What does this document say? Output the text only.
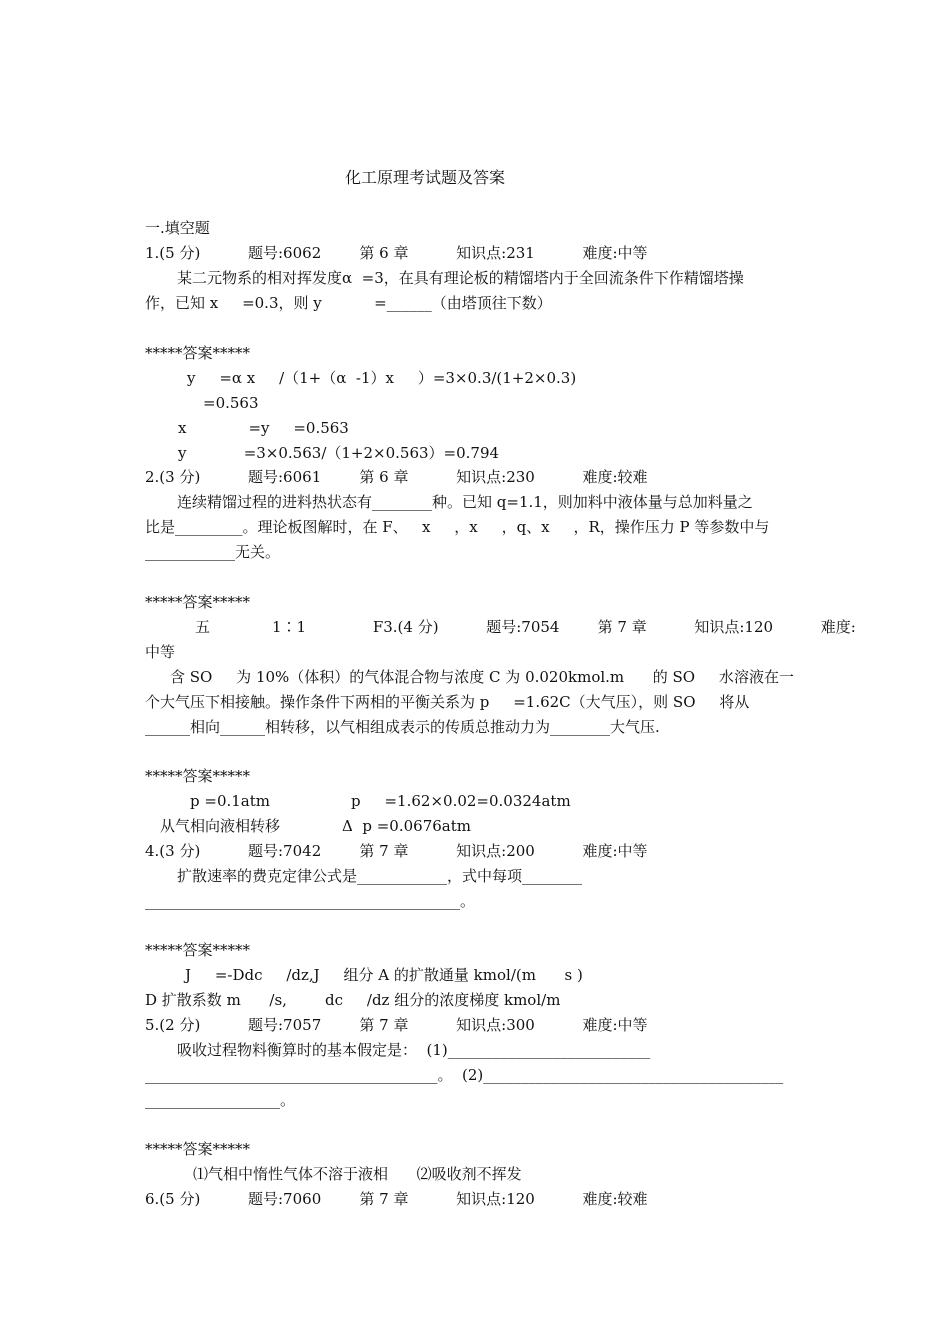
化工原理考试题及答案
一.填空题
1.(5 分)          题号:6062        第 6 章          知识点:231          难度:中等
某二元物系的相对挥发度α  =3，在具有理论板的精馏塔内于全回流条件下作精馏塔操
作，已知 x     =0.3，则 y           =______（由塔顶往下数）
*****答案*****
y     =α x     /（1+（α  -1）x     ）=3×0.3/(1+2×0.3)
=0.563
x             =y     =0.563
y            =3×0.563/（1+2×0.563）=0.794
2.(3 分)          题号:6061        第 6 章          知识点:230          难度:较难
连续精馏过程的进料热状态有________种。已知 q=1.1，则加料中液体量与总加料量之
比是_________。理论板图解时，在 F、   x     ，x     ，q、x     ，R，操作压力 P 等参数中与
____________无关。
*****答案*****
五             1∶1              F3.(4 分)          题号:7054        第 7 章          知识点:120          难度:
中等
含 SO     为 10%（体积）的气体混合物与浓度 C 为 0.020kmol.m      的 SO     水溶液在一
个大气压下相接触。操作条件下两相的平衡关系为 p     =1.62C（大气压），则 SO     将从
______相向______相转移，以气相组成表示的传质总推动力为________大气压.
*****答案*****
p =0.1atm                 p     =1.62×0.02=0.0324atm
从气相向液相转移             Δ  p =0.0676atm
4.(3 分)          题号:7042        第 7 章          知识点:200          难度:中等
扩散速率的费克定律公式是____________，式中每项________
__________________________________________。
*****答案*****
J     =-Ddc     /dz,J     组分 A 的扩散通量 kmol/(m      s )
D 扩散系数 m      /s,        dc     /dz 组分的浓度梯度 kmol/m
5.(2 分)          题号:7057        第 7 章          知识点:300          难度:中等
吸收过程物料衡算时的基本假定是：  (1)___________________________
_______________________________________。  (2)________________________________________
__________________。
*****答案*****
⑴气相中惰性气体不溶于液相      ⑵吸收剂不挥发
6.(5 分)          题号:7060        第 7 章          知识点:120          难度:较难
